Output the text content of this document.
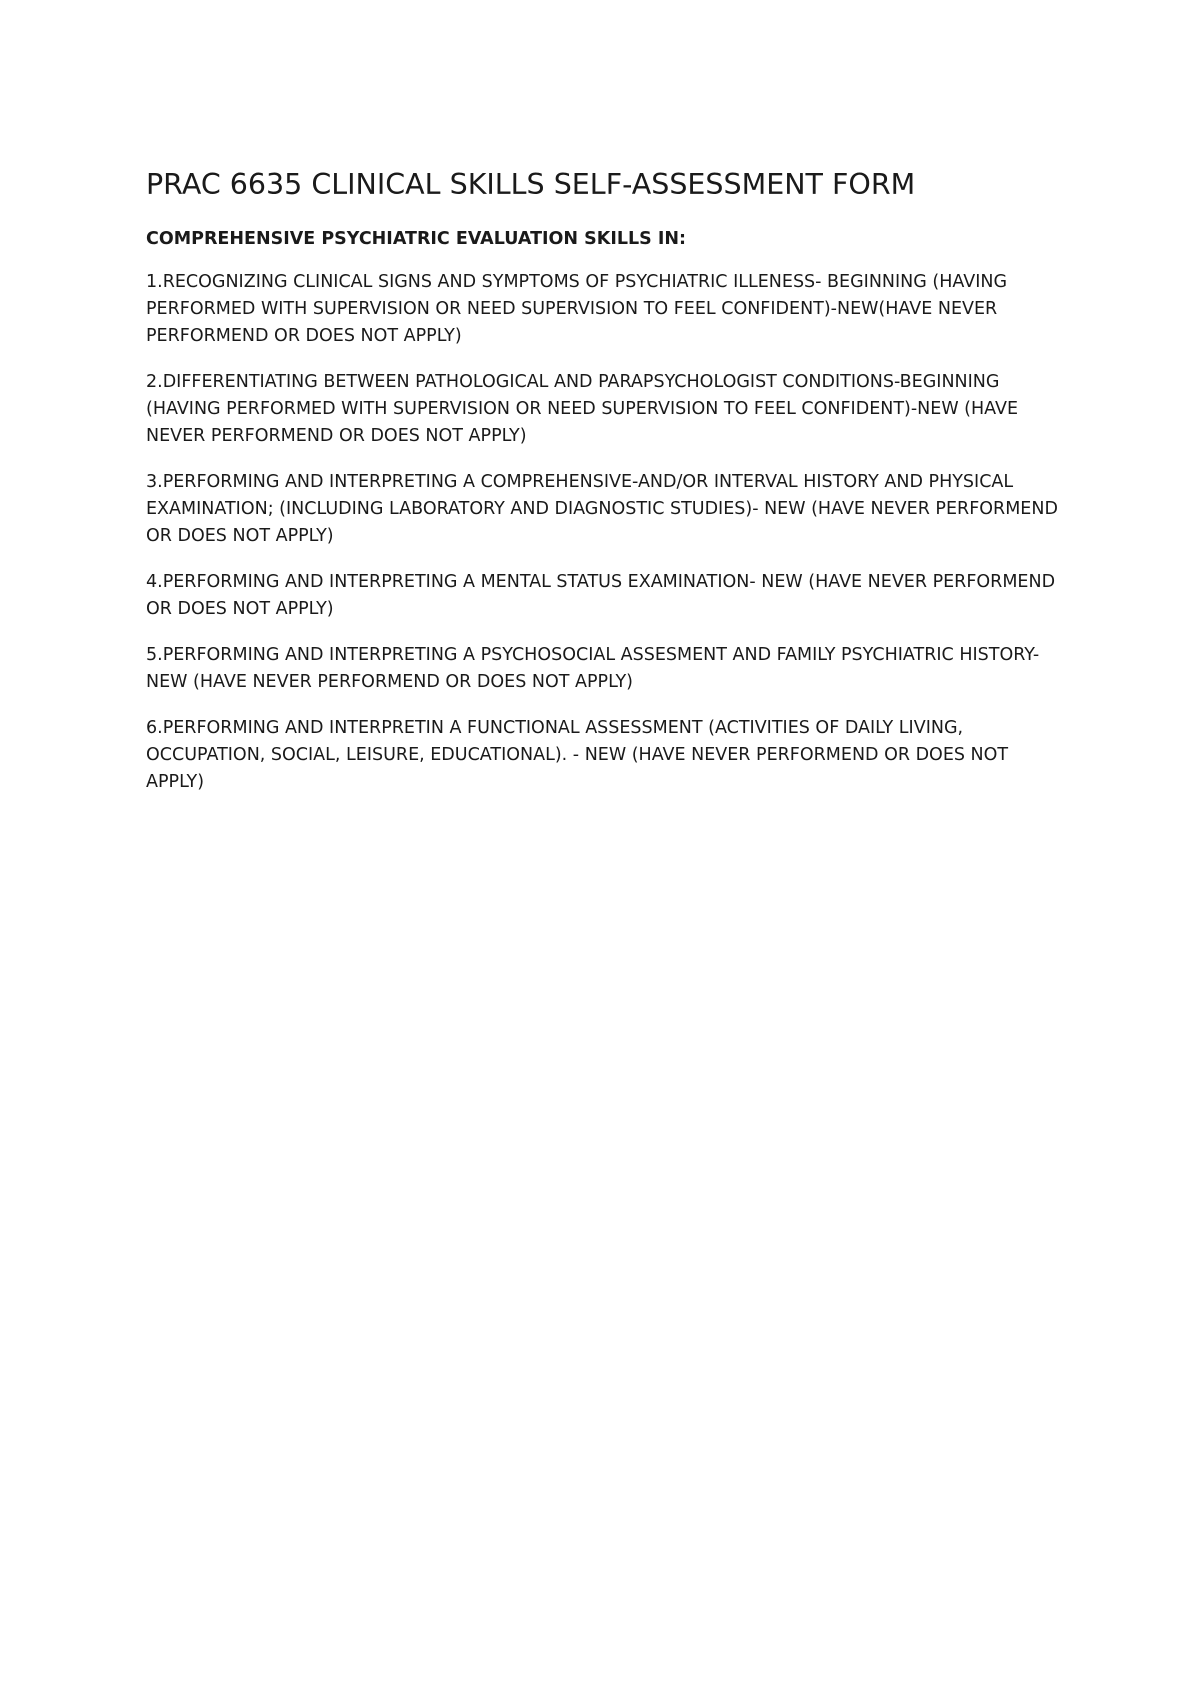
PRAC 6635 CLINICAL SKILLS SELF-ASSESSMENT FORM

COMPREHENSIVE PSYCHIATRIC EVALUATION SKILLS IN:

1.RECOGNIZING CLINICAL SIGNS AND SYMPTOMS OF PSYCHIATRIC ILLENESS- BEGINNING (HAVING PERFORMED WITH SUPERVISION OR NEED SUPERVISION TO FEEL CONFIDENT)-NEW(HAVE NEVER PERFORMEND OR DOES NOT APPLY)

2.DIFFERENTIATING BETWEEN PATHOLOGICAL AND PARAPSYCHOLOGIST CONDITIONS-BEGINNING (HAVING PERFORMED WITH SUPERVISION OR NEED SUPERVISION TO FEEL CONFIDENT)-NEW (HAVE NEVER PERFORMEND OR DOES NOT APPLY)

3.PERFORMING AND INTERPRETING A COMPREHENSIVE-AND/OR INTERVAL HISTORY AND PHYSICAL EXAMINATION; (INCLUDING LABORATORY AND DIAGNOSTIC STUDIES)- NEW (HAVE NEVER PERFORMEND OR DOES NOT APPLY)

4.PERFORMING AND INTERPRETING A MENTAL STATUS EXAMINATION- NEW (HAVE NEVER PERFORMEND OR DOES NOT APPLY)

5.PERFORMING AND INTERPRETING A PSYCHOSOCIAL ASSESMENT AND FAMILY PSYCHIATRIC HISTORY- NEW (HAVE NEVER PERFORMEND OR DOES NOT APPLY)

6.PERFORMING AND INTERPRETIN A FUNCTIONAL ASSESSMENT (ACTIVITIES OF DAILY LIVING, OCCUPATION, SOCIAL, LEISURE, EDUCATIONAL). - NEW (HAVE NEVER PERFORMEND OR DOES NOT APPLY)
